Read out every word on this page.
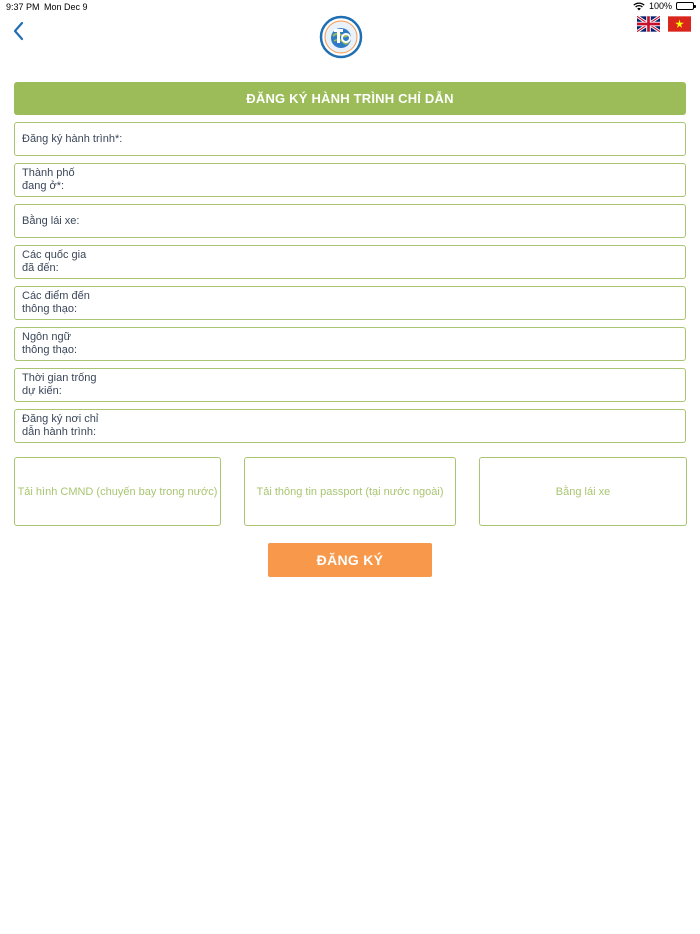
9:37 PM Mon Dec 9	100%
ĐĂNG KÝ HÀNH TRÌNH CHỈ DẪN
Đăng ký hành trình*:
Thành phố
đang ở*:
Bằng lái xe:
Các quốc gia
đã đến:
Các điểm đến
thông thạo:
Ngôn ngữ
thông thạo:
Thời gian trống
dự kiến:
Đăng ký nơi chỉ
dẫn hành trình:
Tải hình CMND (chuyến bay trong nước)	Tải thông tin passport (tại nước ngoài)	Bằng lái xe
ĐĂNG KÝ
